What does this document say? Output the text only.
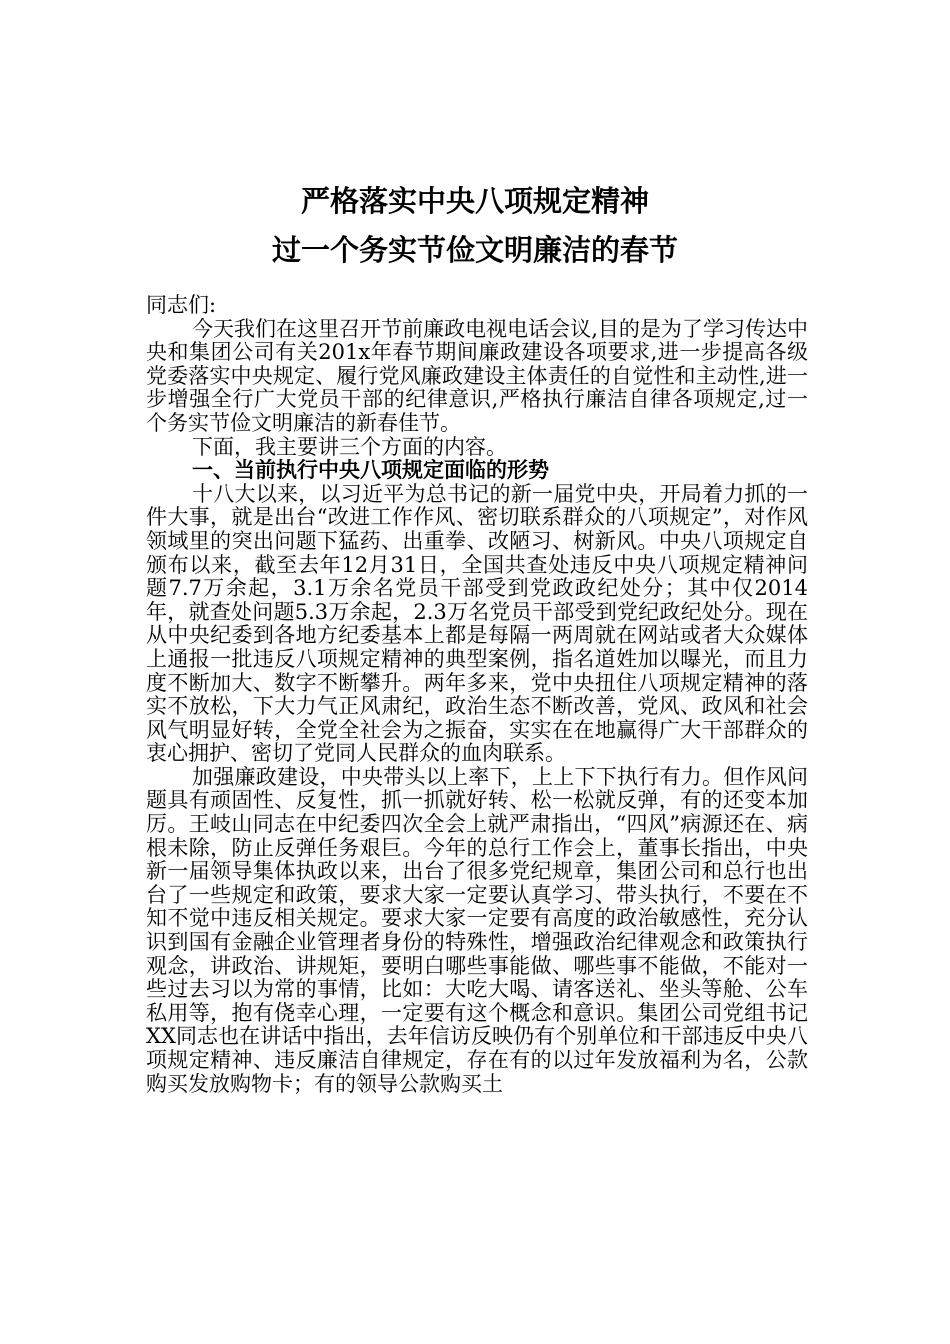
严格落实中央八项规定精神
过一个务实节俭文明廉洁的春节

同志们:

今天我们在这里召开节前廉政电视电话会议,目的是为了学习传达中央和集团公司有关201x年春节期间廉政建设各项要求,进一步提高各级党委落实中央规定、履行党风廉政建设主体责任的自觉性和主动性,进一步增强全行广大党员干部的纪律意识,严格执行廉洁自律各项规定,过一个务实节俭文明廉洁的新春佳节。

下面，我主要讲三个方面的内容。

一、当前执行中央八项规定面临的形势

十八大以来，以习近平为总书记的新一届党中央，开局着力抓的一件大事，就是出台“改进工作作风、密切联系群众的八项规定”，对作风领域里的突出问题下猛药、出重拳、改陋习、树新风。中央八项规定自颁布以来，截至去年12月31日，全国共查处违反中央八项规定精神问题7.7万余起，3.1万余名党员干部受到党政政纪处分；其中仅2014年，就查处问题5.3万余起，2.3万名党员干部受到党纪政纪处分。现在从中央纪委到各地方纪委基本上都是每隔一两周就在网站或者大众媒体上通报一批违反八项规定精神的典型案例，指名道姓加以曝光，而且力度不断加大、数字不断攀升。两年多来，党中央扭住八项规定精神的落实不放松，下大力气正风肃纪，政治生态不断改善，党风、政风和社会风气明显好转，全党全社会为之振奋，实实在在地赢得广大干部群众的衷心拥护、密切了党同人民群众的血肉联系。

加强廉政建设，中央带头以上率下，上上下下执行有力。但作风问题具有顽固性、反复性，抓一抓就好转、松一松就反弹，有的还变本加厉。王岐山同志在中纪委四次全会上就严肃指出，“四风”病源还在、病根未除，防止反弹任务艰巨。今年的总行工作会上，董事长指出，中央新一届领导集体执政以来，出台了很多党纪规章，集团公司和总行也出台了一些规定和政策，要求大家一定要认真学习、带头执行，不要在不知不觉中违反相关规定。要求大家一定要有高度的政治敏感性，充分认识到国有金融企业管理者身份的特殊性，增强政治纪律观念和政策执行观念，讲政治、讲规矩，要明白哪些事能做、哪些事不能做，不能对一些过去习以为常的事情，比如：大吃大喝、请客送礼、坐头等舱、公车私用等，抱有侥幸心理，一定要有这个概念和意识。集团公司党组书记XX同志也在讲话中指出，去年信访反映仍有个别单位和干部违反中央八项规定精神、违反廉洁自律规定，存在有的以过年发放福利为名，公款购买发放购物卡；有的领导公款购买土
